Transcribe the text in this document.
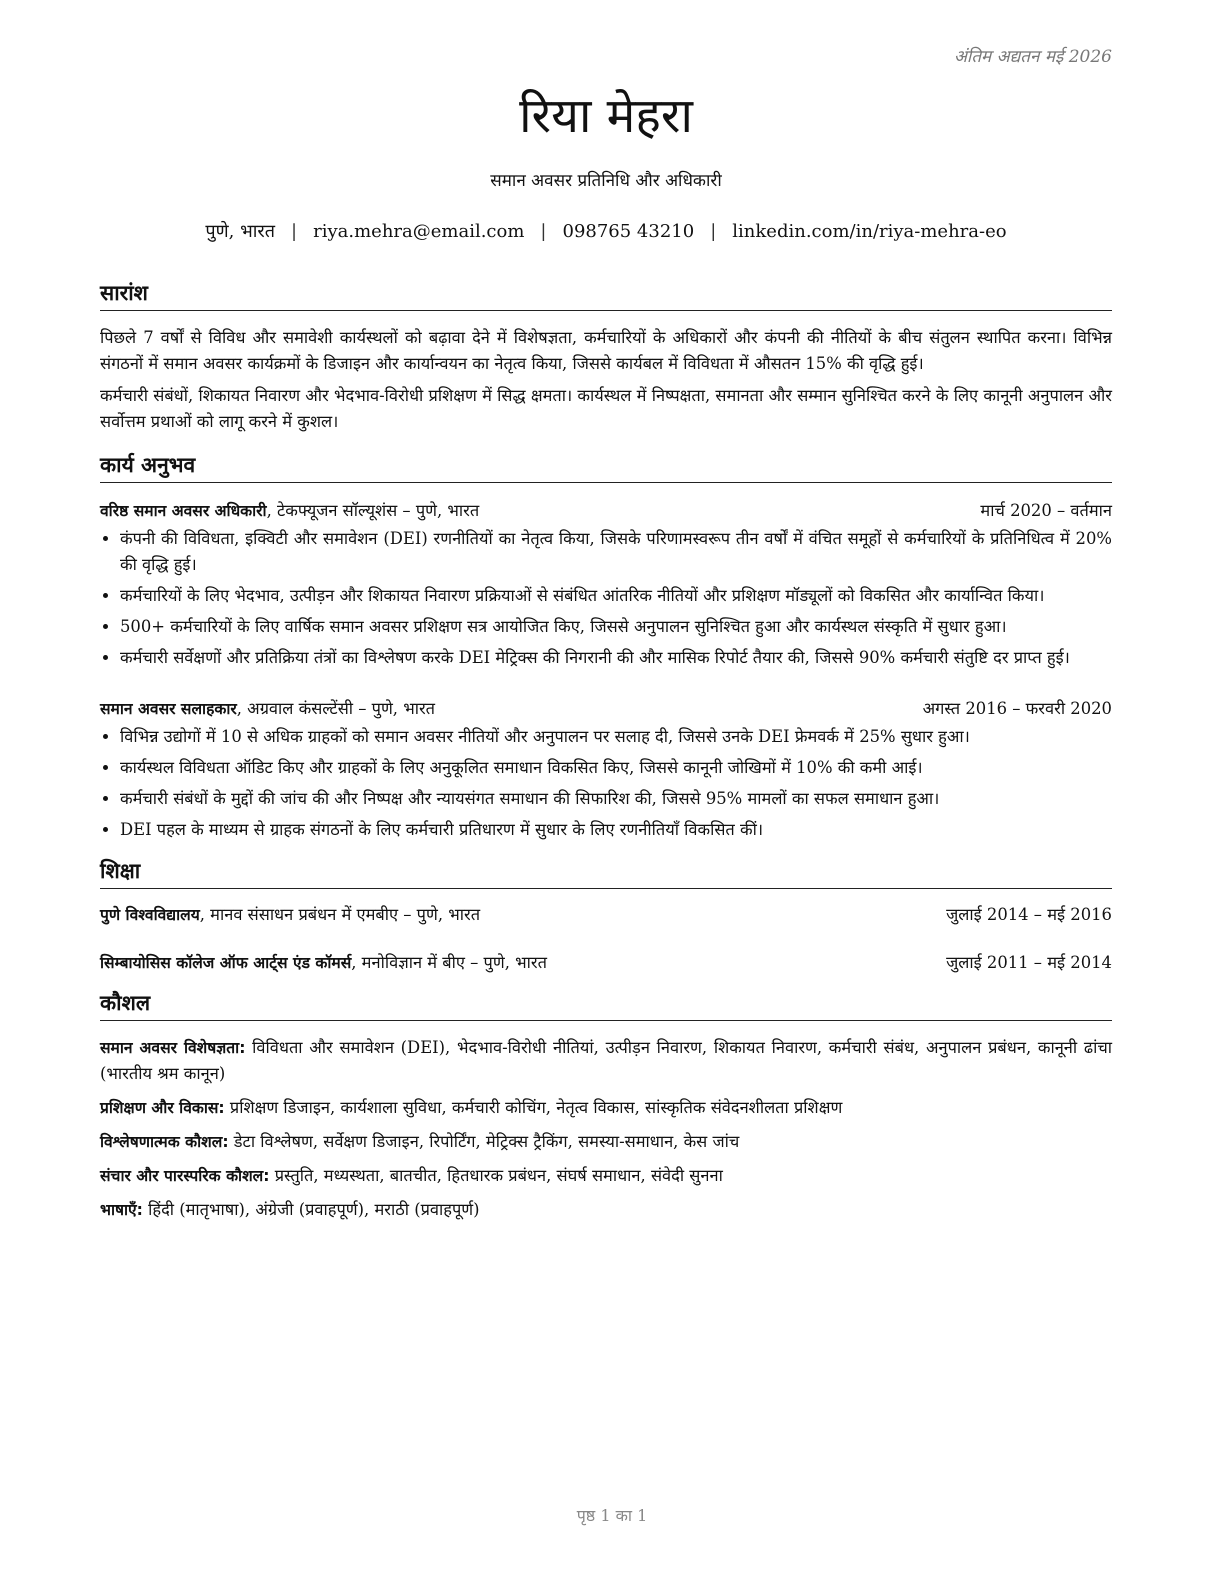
अंतिम अद्यतन मई 2026
रिया मेहरा
समान अवसर प्रतिनिधि और अधिकारी
पुणे, भारत | riya.mehra@email.com | 098765 43210 | linkedin.com/in/riya-mehra-eo
सारांश

पिछले 7 वर्षों से विविध और समावेशी कार्यस्थलों को बढ़ावा देने में विशेषज्ञता, कर्मचारियों के अधिकारों और कंपनी की नीतियों के बीच संतुलन स्थापित करना। विभिन्न संगठनों में समान अवसर कार्यक्रमों के डिजाइन और कार्यान्वयन का नेतृत्व किया, जिससे कार्यबल में विविधता में औसतन 15% की वृद्धि हुई।

कर्मचारी संबंधों, शिकायत निवारण और भेदभाव-विरोधी प्रशिक्षण में सिद्ध क्षमता। कार्यस्थल में निष्पक्षता, समानता और सम्मान सुनिश्चित करने के लिए कानूनी अनुपालन और सर्वोत्तम प्रथाओं को लागू करने में कुशल।

कार्य अनुभव
वरिष्ठ समान अवसर अधिकारी, टेकफ्यूजन सॉल्यूशंस – पुणे, भारत	मार्च 2020 – वर्तमान
• कंपनी की विविधता, इक्विटी और समावेशन (DEI) रणनीतियों का नेतृत्व किया, जिसके परिणामस्वरूप तीन वर्षों में वंचित समूहों से कर्मचारियों के प्रतिनिधित्व में 20% की वृद्धि हुई।
• कर्मचारियों के लिए भेदभाव, उत्पीड़न और शिकायत निवारण प्रक्रियाओं से संबंधित आंतरिक नीतियों और प्रशिक्षण मॉड्यूलों को विकसित और कार्यान्वित किया।
• 500+ कर्मचारियों के लिए वार्षिक समान अवसर प्रशिक्षण सत्र आयोजित किए, जिससे अनुपालन सुनिश्चित हुआ और कार्यस्थल संस्कृति में सुधार हुआ।
• कर्मचारी सर्वेक्षणों और प्रतिक्रिया तंत्रों का विश्लेषण करके DEI मेट्रिक्स की निगरानी की और मासिक रिपोर्ट तैयार की, जिससे 90% कर्मचारी संतुष्टि दर प्राप्त हुई।
समान अवसर सलाहकार, अग्रवाल कंसल्टेंसी – पुणे, भारत	अगस्त 2016 – फरवरी 2020
• विभिन्न उद्योगों में 10 से अधिक ग्राहकों को समान अवसर नीतियों और अनुपालन पर सलाह दी, जिससे उनके DEI फ्रेमवर्क में 25% सुधार हुआ।
• कार्यस्थल विविधता ऑडिट किए और ग्राहकों के लिए अनुकूलित समाधान विकसित किए, जिससे कानूनी जोखिमों में 10% की कमी आई।
• कर्मचारी संबंधों के मुद्दों की जांच की और निष्पक्ष और न्यायसंगत समाधान की सिफारिश की, जिससे 95% मामलों का सफल समाधान हुआ।
• DEI पहल के माध्यम से ग्राहक संगठनों के लिए कर्मचारी प्रतिधारण में सुधार के लिए रणनीतियाँ विकसित कीं।
शिक्षा
पुणे विश्वविद्यालय, मानव संसाधन प्रबंधन में एमबीए – पुणे, भारत	जुलाई 2014 – मई 2016
सिम्बायोसिस कॉलेज ऑफ आर्ट्स एंड कॉमर्स, मनोविज्ञान में बीए – पुणे, भारत	जुलाई 2011 – मई 2014
कौशल
समान अवसर विशेषज्ञता: विविधता और समावेशन (DEI), भेदभाव-विरोधी नीतियां, उत्पीड़न निवारण, शिकायत निवारण, कर्मचारी संबंध, अनुपालन प्रबंधन, कानूनी ढांचा (भारतीय श्रम कानून)
प्रशिक्षण और विकास: प्रशिक्षण डिजाइन, कार्यशाला सुविधा, कर्मचारी कोचिंग, नेतृत्व विकास, सांस्कृतिक संवेदनशीलता प्रशिक्षण
विश्लेषणात्मक कौशल: डेटा विश्लेषण, सर्वेक्षण डिजाइन, रिपोर्टिंग, मेट्रिक्स ट्रैकिंग, समस्या-समाधान, केस जांच
संचार और पारस्परिक कौशल: प्रस्तुति, मध्यस्थता, बातचीत, हितधारक प्रबंधन, संघर्ष समाधान, संवेदी सुनना
भाषाएँ: हिंदी (मातृभाषा), अंग्रेजी (प्रवाहपूर्ण), मराठी (प्रवाहपूर्ण)
पृष्ठ 1 का 1
